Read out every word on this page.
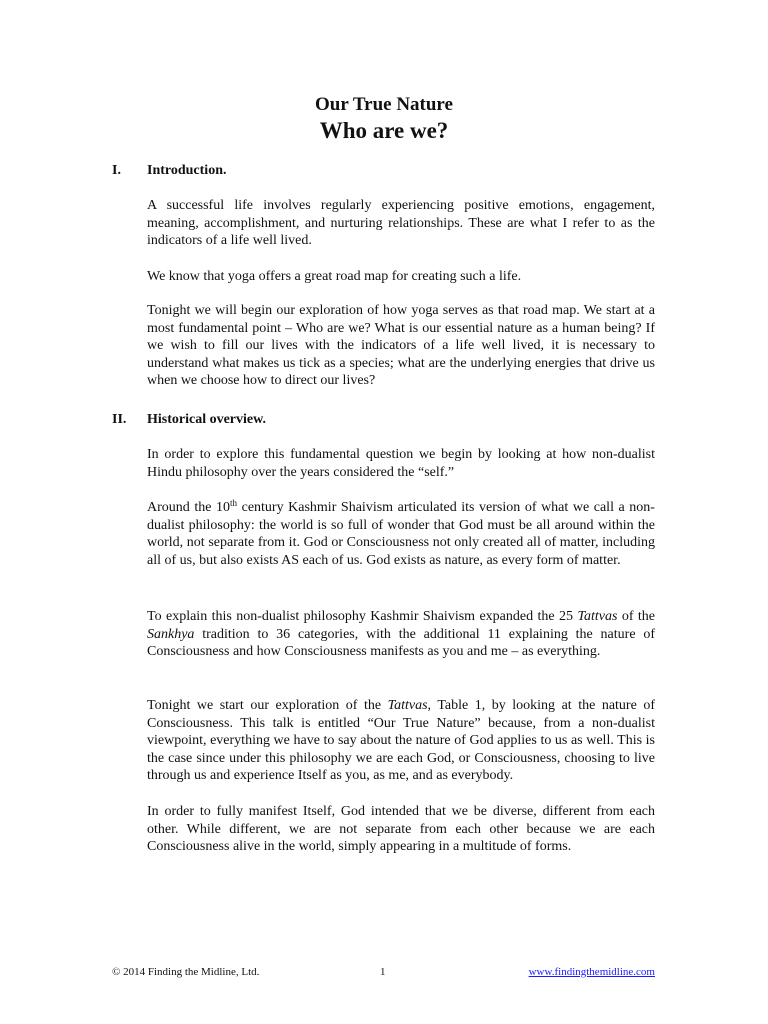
Our True Nature
Who are we?
I. Introduction.

A successful life involves regularly experiencing positive emotions, engagement, meaning, accomplishment, and nurturing relationships. These are what I refer to as the indicators of a life well lived.

We know that yoga offers a great road map for creating such a life.

Tonight we will begin our exploration of how yoga serves as that road map. We start at a most fundamental point – Who are we? What is our essential nature as a human being? If we wish to fill our lives with the indicators of a life well lived, it is necessary to understand what makes us tick as a species; what are the underlying energies that drive us when we choose how to direct our lives?

II. Historical overview.

In order to explore this fundamental question we begin by looking at how non-dualist Hindu philosophy over the years considered the “self.”

Around the 10th century Kashmir Shaivism articulated its version of what we call a non-dualist philosophy: the world is so full of wonder that God must be all around within the world, not separate from it. God or Consciousness not only created all of matter, including all of us, but also exists AS each of us. God exists as nature, as every form of matter.

To explain this non-dualist philosophy Kashmir Shaivism expanded the 25 Tattvas of the Sankhya tradition to 36 categories, with the additional 11 explaining the nature of Consciousness and how Consciousness manifests as you and me – as everything.

Tonight we start our exploration of the Tattvas, Table 1, by looking at the nature of Consciousness. This talk is entitled “Our True Nature” because, from a non-dualist viewpoint, everything we have to say about the nature of God applies to us as well. This is the case since under this philosophy we are each God, or Consciousness, choosing to live through us and experience Itself as you, as me, and as everybody.

In order to fully manifest Itself, God intended that we be diverse, different from each other. While different, we are not separate from each other because we are each Consciousness alive in the world, simply appearing in a multitude of forms.

© 2014 Finding the Midline, Ltd.	1	www.findingthemidline.com
